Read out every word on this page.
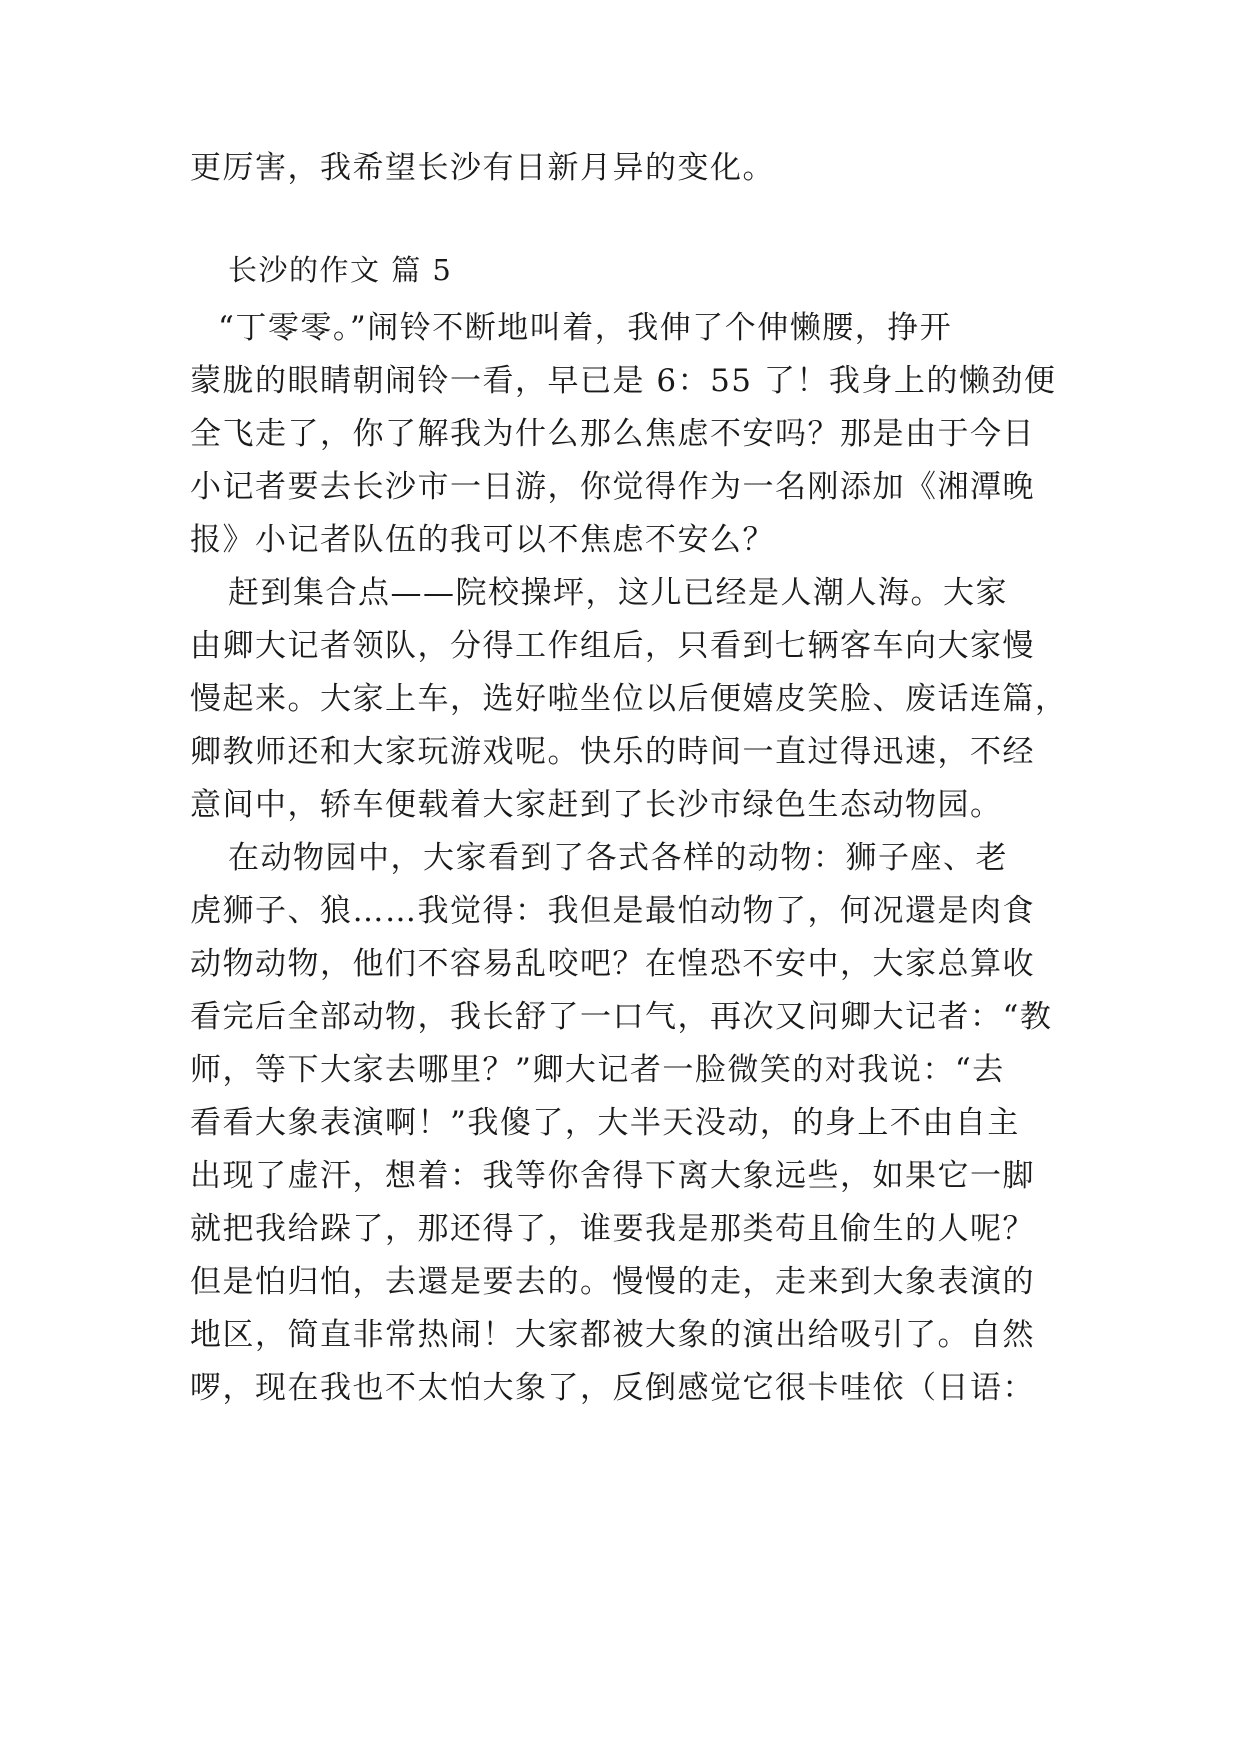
更厉害，我希望长沙有日新月异的变化。
长沙的作文 篇 5
“丁零零。”闹铃不断地叫着，我伸了个伸懒腰，挣开
蒙胧的眼睛朝闹铃一看，早已是 6：55 了！我身上的懒劲便
全飞走了，你了解我为什么那么焦虑不安吗？那是由于今日
小记者要去长沙市一日游，你觉得作为一名刚添加《湘潭晚
报》小记者队伍的我可以不焦虑不安么？
赶到集合点——院校操坪，这儿已经是人潮人海。大家
由卿大记者领队，分得工作组后，只看到七辆客车向大家慢
慢起来。大家上车，选好啦坐位以后便嬉皮笑脸、废话连篇，
卿教师还和大家玩游戏呢。快乐的時间一直过得迅速，不经
意间中，轿车便载着大家赶到了长沙市绿色生态动物园。
在动物园中，大家看到了各式各样的动物：狮子座、老
虎狮子、狼……我觉得：我但是最怕动物了，何况還是肉食
动物动物，他们不容易乱咬吧？在惶恐不安中，大家总算收
看完后全部动物，我长舒了一口气，再次又问卿大记者：“教
师，等下大家去哪里？”卿大记者一脸微笑的对我说：“去
看看大象表演啊！”我傻了，大半天没动，的身上不由自主
出现了虚汗，想着：我等你舍得下离大象远些，如果它一脚
就把我给跺了，那还得了，谁要我是那类苟且偷生的人呢？
但是怕归怕，去還是要去的。慢慢的走，走来到大象表演的
地区，简直非常热闹！大家都被大象的演出给吸引了。自然
啰，现在我也不太怕大象了，反倒感觉它很卡哇依（日语：
